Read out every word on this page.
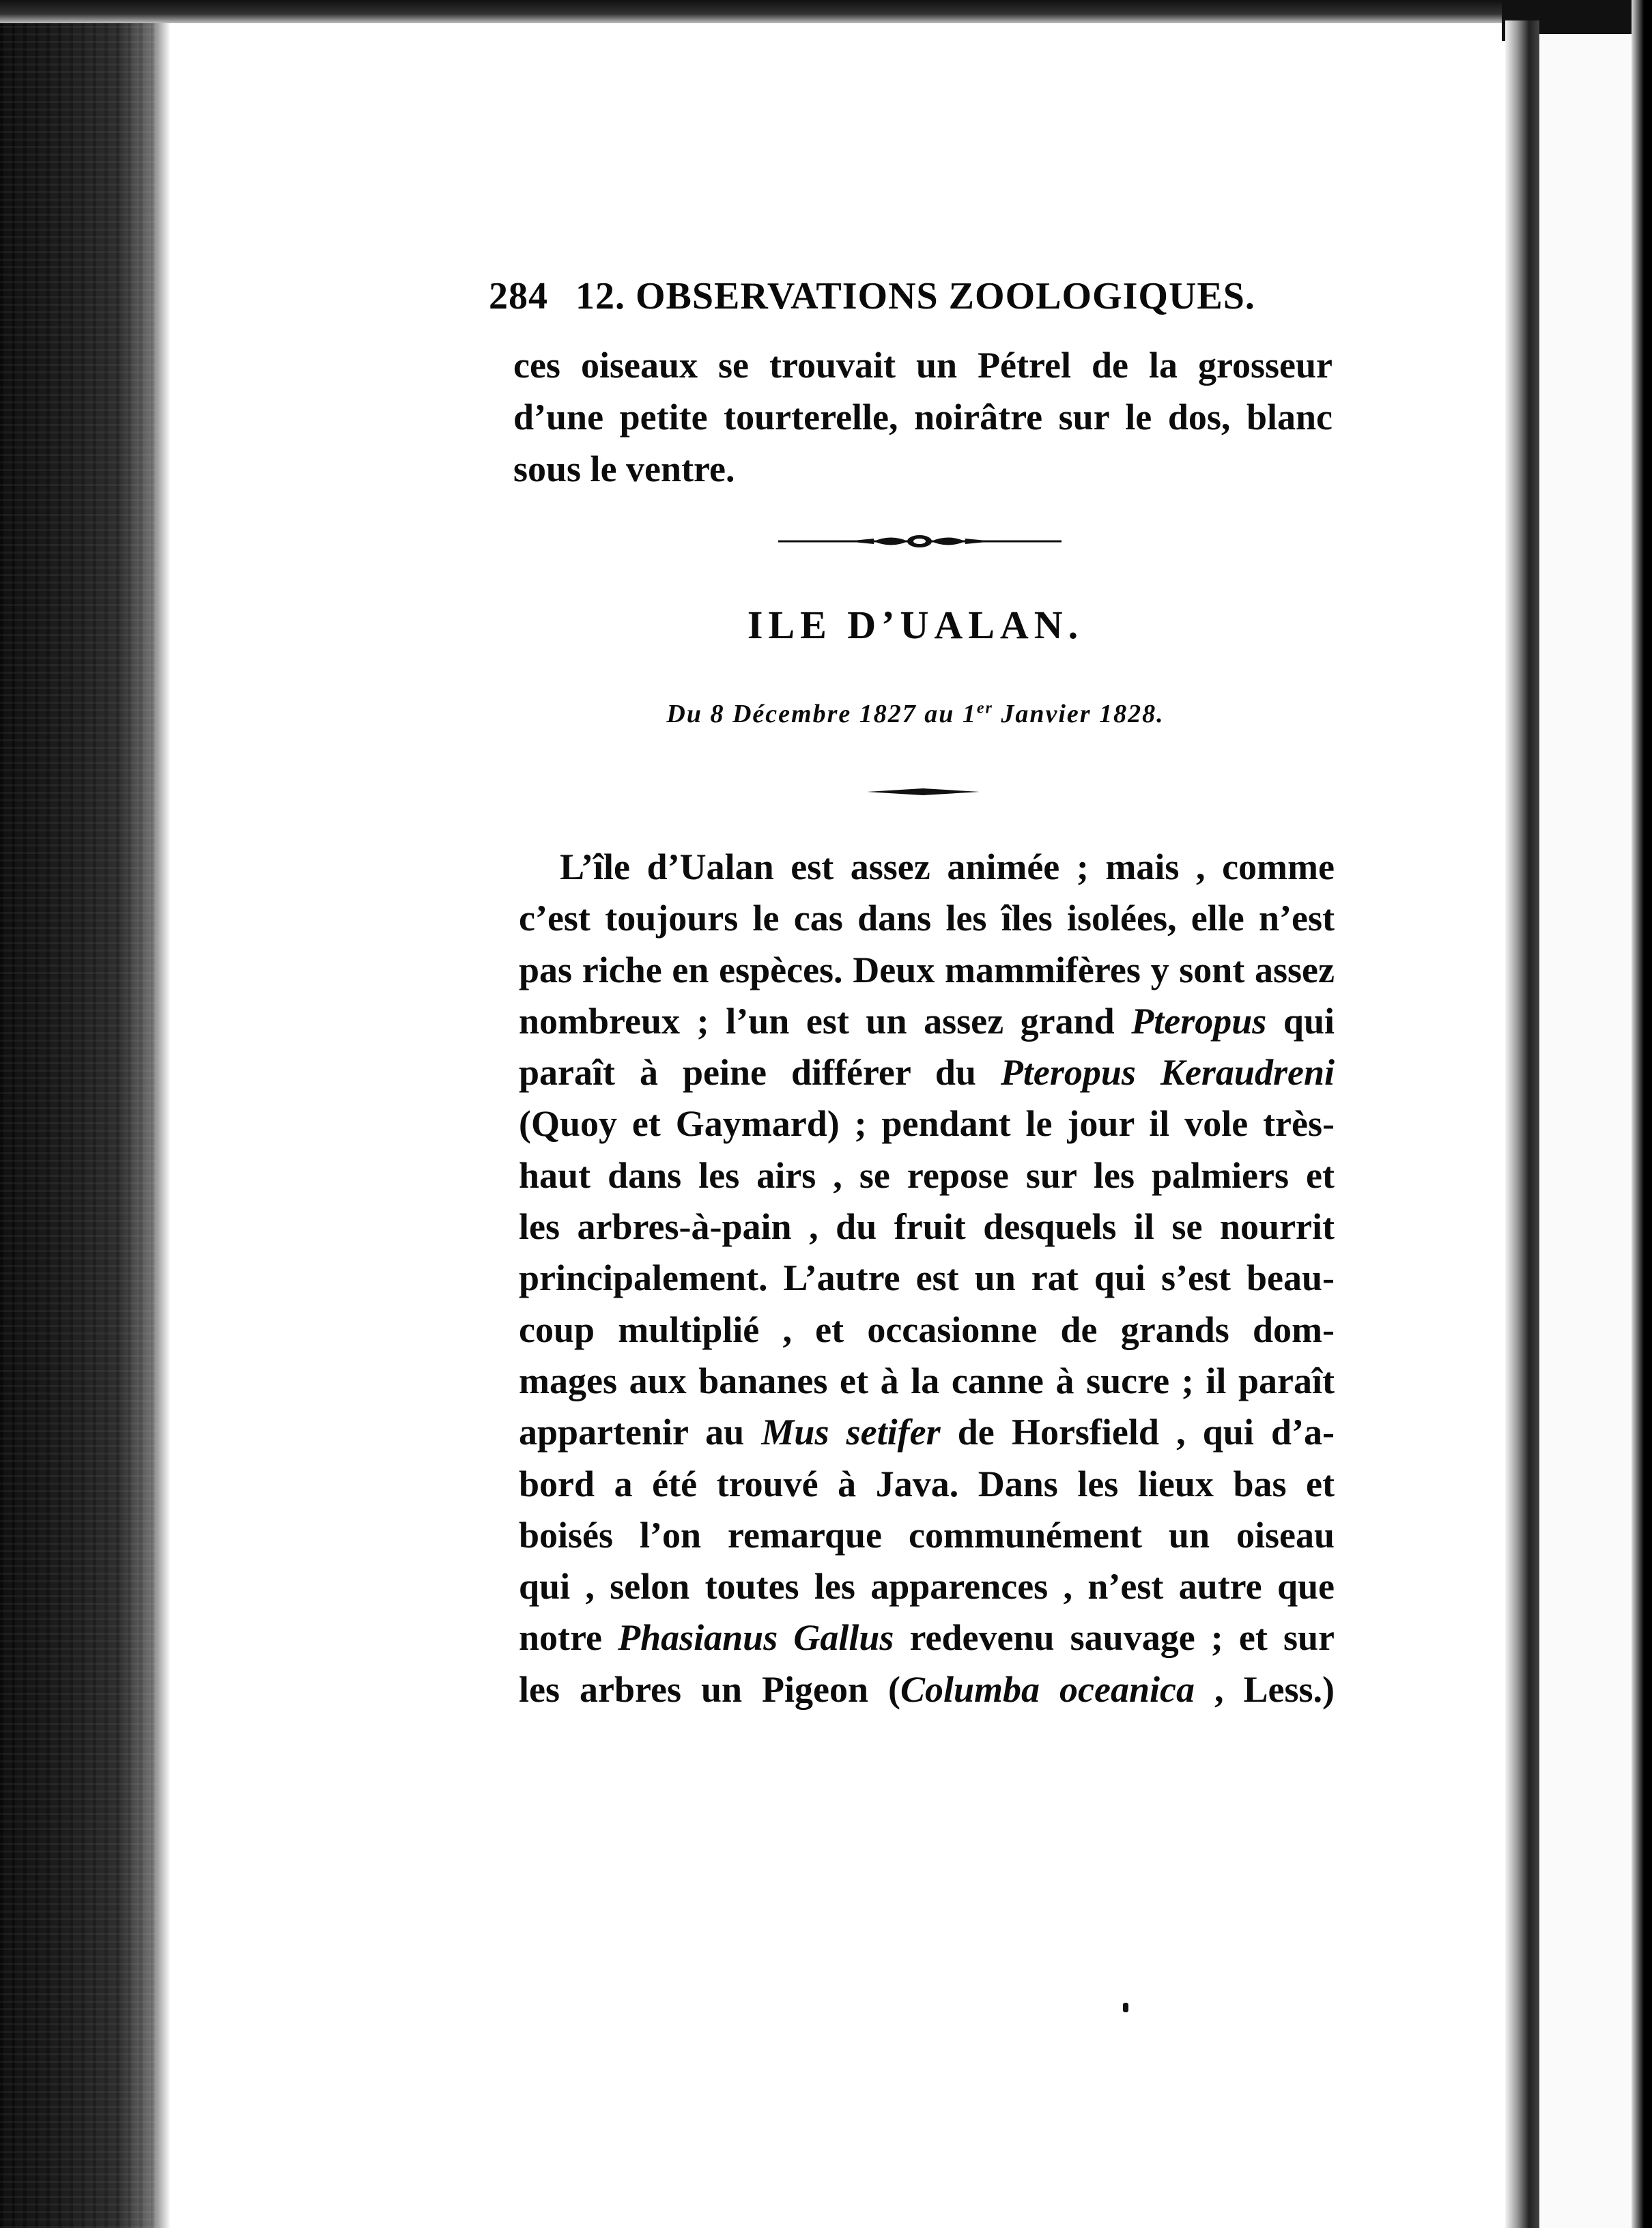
284 12. OBSERVATIONS ZOOLOGIQUES.
ces oiseaux se trouvait un Pétrel de la grosseur
d’une petite tourterelle, noirâtre sur le dos, blanc
sous le ventre.
ILE D’UALAN.
Du 8 Décembre 1827 au 1er Janvier 1828.
L’île d’Ualan est assez animée ; mais , comme
c’est toujours le cas dans les îles isolées, elle n’est
pas riche en espèces. Deux mammifères y sont assez
nombreux ; l’un est un assez grand Pteropus qui
paraît à peine différer du Pteropus Keraudreni
(Quoy et Gaymard) ; pendant le jour il vole très-
haut dans les airs , se repose sur les palmiers et
les arbres-à-pain , du fruit desquels il se nourrit
principalement. L’autre est un rat qui s’est beau-
coup multiplié , et occasionne de grands dom-
mages aux bananes et à la canne à sucre ; il paraît
appartenir au Mus setifer de Horsfield , qui d’a-
bord a été trouvé à Java. Dans les lieux bas et
boisés l’on remarque communément un oiseau
qui , selon toutes les apparences , n’est autre que
notre Phasianus Gallus redevenu sauvage ; et sur
les arbres un Pigeon (Columba oceanica , Less.)
